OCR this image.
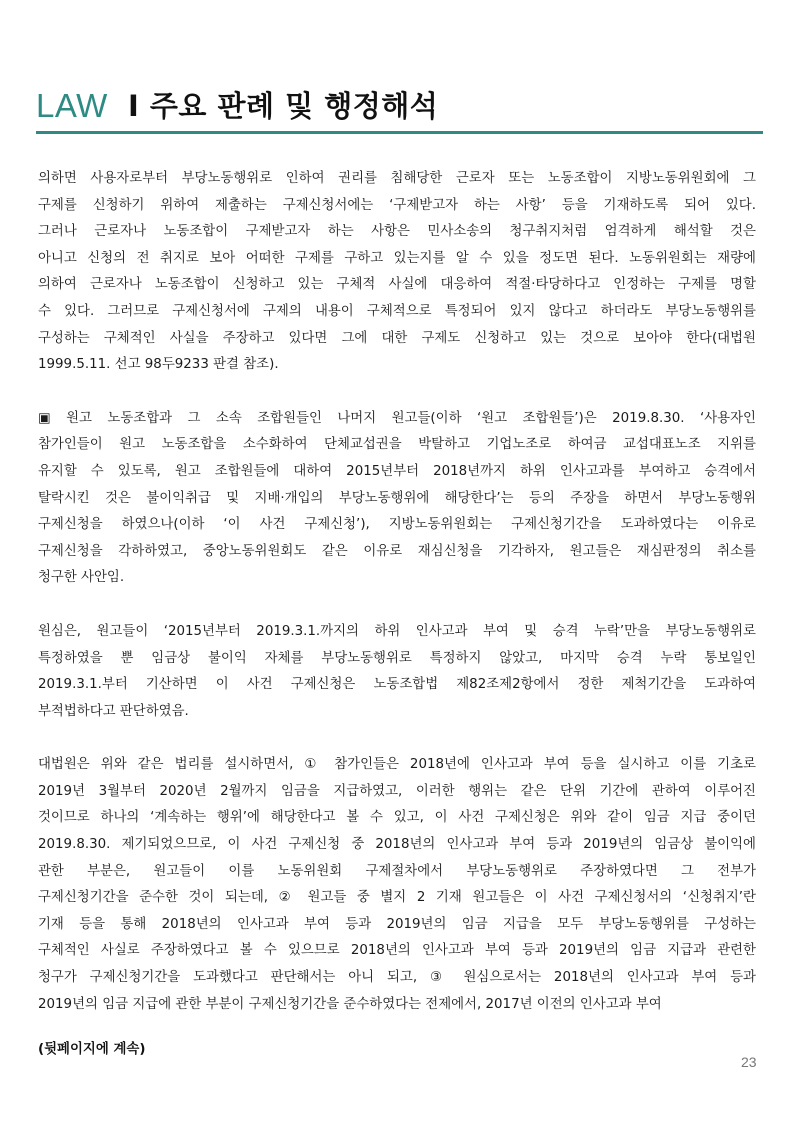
LAW I 주요 판례 및 행정해석
의하면 사용자로부터 부당노동행위로 인하여 권리를 침해당한 근로자 또는 노동조합이 지방노동위원회에 그
구제를 신청하기 위하여 제출하는 구제신청서에는 ‘구제받고자 하는 사항’ 등을 기재하도록 되어 있다.
그러나 근로자나 노동조합이 구제받고자 하는 사항은 민사소송의 청구취지처럼 엄격하게 해석할 것은
아니고 신청의 전 취지로 보아 어떠한 구제를 구하고 있는지를 알 수 있을 정도면 된다. 노동위원회는 재량에
의하여 근로자나 노동조합이 신청하고 있는 구체적 사실에 대응하여 적절·타당하다고 인정하는 구제를 명할
수 있다. 그러므로 구제신청서에 구제의 내용이 구체적으로 특정되어 있지 않다고 하더라도 부당노동행위를
구성하는 구체적인 사실을 주장하고 있다면 그에 대한 구제도 신청하고 있는 것으로 보아야 한다(대법원
1999.5.11. 선고 98두9233 판결 참조).
▣ 원고 노동조합과 그 소속 조합원들인 나머지 원고들(이하 ‘원고 조합원들’)은 2019.8.30. ‘사용자인
참가인들이 원고 노동조합을 소수화하여 단체교섭권을 박탈하고 기업노조로 하여금 교섭대표노조 지위를
유지할 수 있도록, 원고 조합원들에 대하여 2015년부터 2018년까지 하위 인사고과를 부여하고 승격에서
탈락시킨 것은 불이익취급 및 지배·개입의 부당노동행위에 해당한다’는 등의 주장을 하면서 부당노동행위
구제신청을 하였으나(이하 ‘이 사건 구제신청’), 지방노동위원회는 구제신청기간을 도과하였다는 이유로
구제신청을 각하하였고, 중앙노동위원회도 같은 이유로 재심신청을 기각하자, 원고들은 재심판정의 취소를
청구한 사안임.
원심은, 원고들이 ‘2015년부터 2019.3.1.까지의 하위 인사고과 부여 및 승격 누락’만을 부당노동행위로
특정하였을 뿐 임금상 불이익 자체를 부당노동행위로 특정하지 않았고, 마지막 승격 누락 통보일인
2019.3.1.부터 기산하면 이 사건 구제신청은 노동조합법 제82조제2항에서 정한 제척기간을 도과하여
부적법하다고 판단하였음.
대법원은 위와 같은 법리를 설시하면서, ① 참가인들은 2018년에 인사고과 부여 등을 실시하고 이를 기초로
2019년 3월부터 2020년 2월까지 임금을 지급하였고, 이러한 행위는 같은 단위 기간에 관하여 이루어진
것이므로 하나의 ‘계속하는 행위’에 해당한다고 볼 수 있고, 이 사건 구제신청은 위와 같이 임금 지급 중이던
2019.8.30. 제기되었으므로, 이 사건 구제신청 중 2018년의 인사고과 부여 등과 2019년의 임금상 불이익에
관한 부분은, 원고들이 이를 노동위원회 구제절차에서 부당노동행위로 주장하였다면 그 전부가
구제신청기간을 준수한 것이 되는데, ② 원고들 중 별지 2 기재 원고들은 이 사건 구제신청서의 ‘신청취지’란
기재 등을 통해 2018년의 인사고과 부여 등과 2019년의 임금 지급을 모두 부당노동행위를 구성하는
구체적인 사실로 주장하였다고 볼 수 있으므로 2018년의 인사고과 부여 등과 2019년의 임금 지급과 관련한
청구가 구제신청기간을 도과했다고 판단해서는 아니 되고, ③ 원심으로서는 2018년의 인사고과 부여 등과
2019년의 임금 지급에 관한 부분이 구제신청기간을 준수하였다는 전제에서, 2017년 이전의 인사고과 부여
(뒷페이지에 계속)
23
